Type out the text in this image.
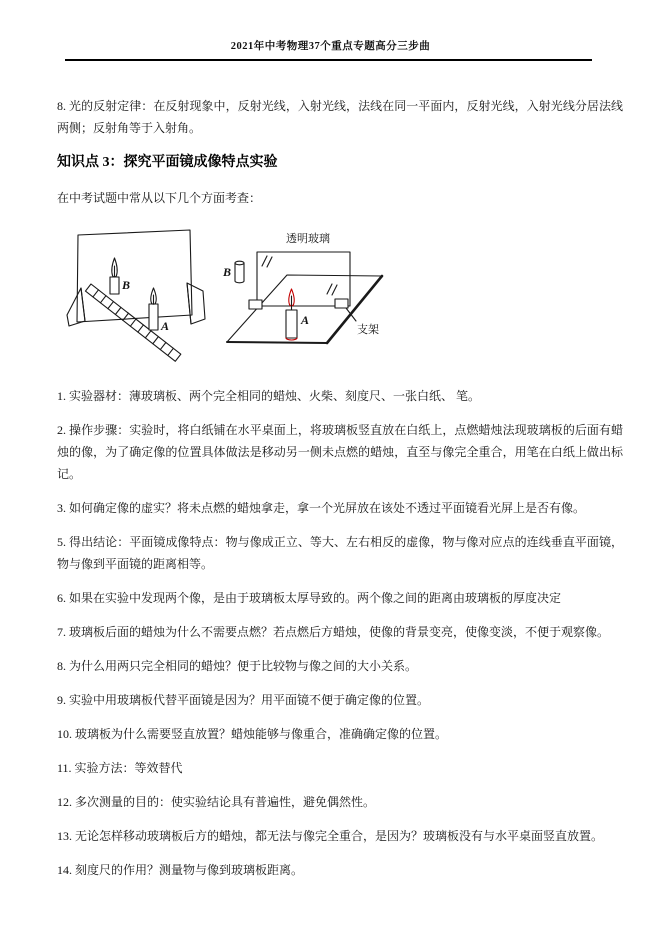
2021年中考物理37个重点专题高分三步曲

8. 光的反射定律：在反射现象中，反射光线，入射光线，法线在同一平面内，反射光线，入射光线分居法线两侧；反射角等于入射角。

知识点 3：探究平面镜成像特点实验

在中考试题中常从以下几个方面考查：

B
A
透明玻璃
B
A
支架

1. 实验器材：薄玻璃板、两个完全相同的蜡烛、火柴、刻度尺、一张白纸、 笔。

2. 操作步骤：实验时，将白纸铺在水平桌面上，将玻璃板竖直放在白纸上，点燃蜡烛法现玻璃板的后面有蜡烛的像，为了确定像的位置具体做法是移动另一侧未点燃的蜡烛，直至与像完全重合，用笔在白纸上做出标记。

3. 如何确定像的虚实？将未点燃的蜡烛拿走，拿一个光屏放在该处不透过平面镜看光屏上是否有像。

5. 得出结论：平面镜成像特点：物与像成正立、等大、左右相反的虚像，物与像对应点的连线垂直平面镜，物与像到平面镜的距离相等。

6. 如果在实验中发现两个像，是由于玻璃板太厚导致的。两个像之间的距离由玻璃板的厚度决定

7. 玻璃板后面的蜡烛为什么不需要点燃？若点燃后方蜡烛，使像的背景变亮，使像变淡，不便于观察像。

8. 为什么用两只完全相同的蜡烛？便于比较物与像之间的大小关系。

9. 实验中用玻璃板代替平面镜是因为？用平面镜不便于确定像的位置。

10. 玻璃板为什么需要竖直放置？蜡烛能够与像重合，准确确定像的位置。

11. 实验方法：等效替代

12. 多次测量的目的：使实验结论具有普遍性，避免偶然性。

13. 无论怎样移动玻璃板后方的蜡烛，都无法与像完全重合，是因为？玻璃板没有与水平桌面竖直放置。

14. 刻度尺的作用？测量物与像到玻璃板距离。
